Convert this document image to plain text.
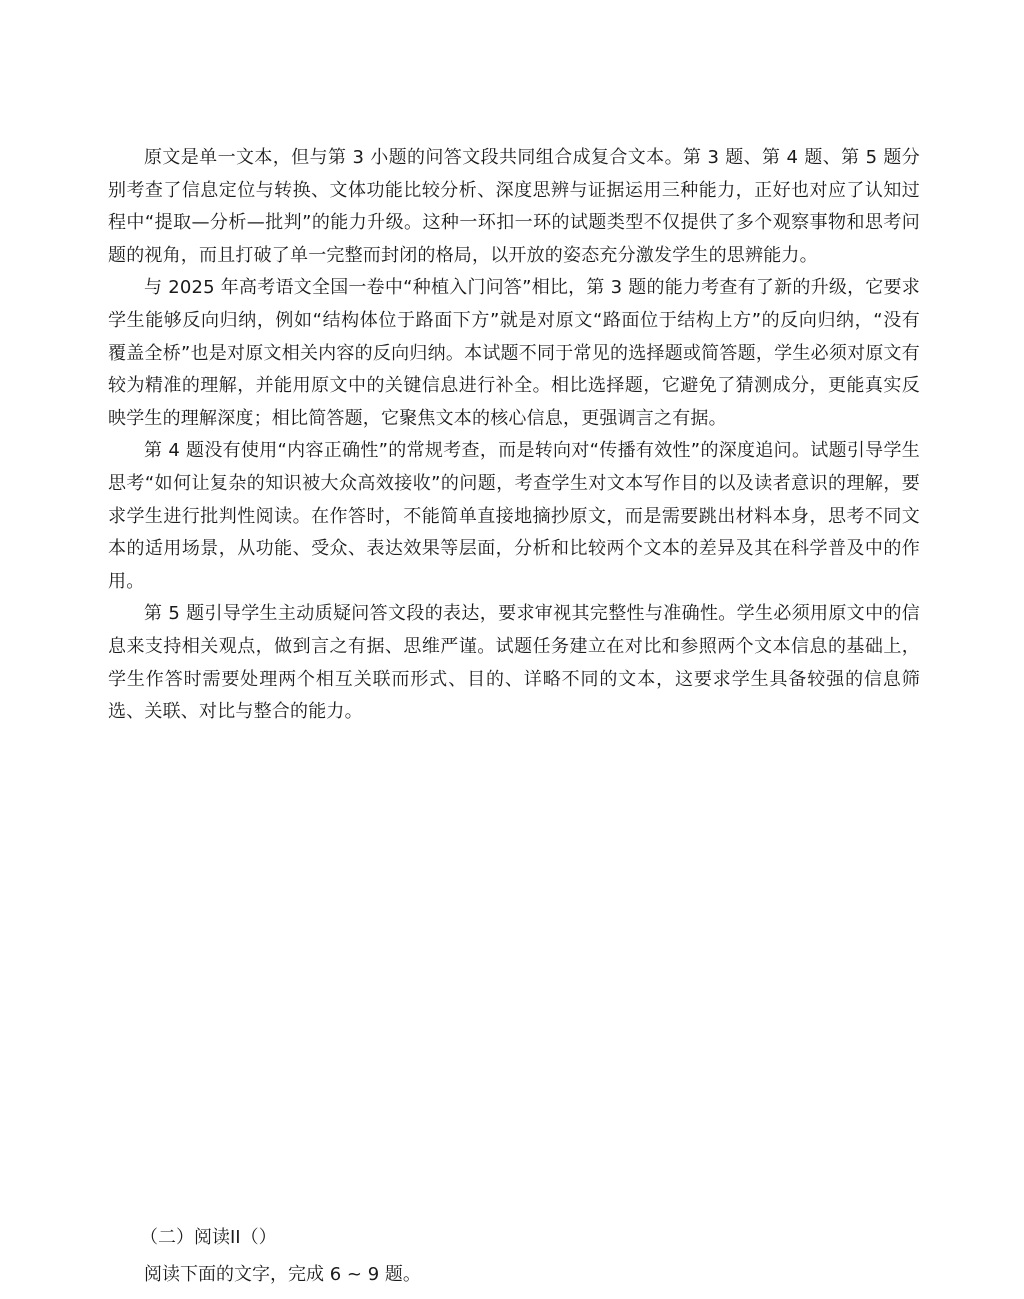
原文是单一文本，但与第 3 小题的问答文段共同组合成复合文本。第 3 题、第 4 题、第 5 题分别考查了信息定位与转换、文体功能比较分析、深度思辨与证据运用三种能力，正好也对应了认知过程中“提取—分析—批判”的能力升级。这种一环扣一环的试题类型不仅提供了多个观察事物和思考问题的视角，而且打破了单一完整而封闭的格局，以开放的姿态充分激发学生的思辨能力。

与 2025 年高考语文全国一卷中“种植入门问答”相比，第 3 题的能力考查有了新的升级，它要求学生能够反向归纳，例如“结构体位于路面下方”就是对原文“路面位于结构上方”的反向归纳，“没有覆盖全桥”也是对原文相关内容的反向归纳。本试题不同于常见的选择题或简答题，学生必须对原文有较为精准的理解，并能用原文中的关键信息进行补全。相比选择题，它避免了猜测成分，更能真实反映学生的理解深度；相比简答题，它聚焦文本的核心信息，更强调言之有据。

第 4 题没有使用“内容正确性”的常规考查，而是转向对“传播有效性”的深度追问。试题引导学生思考“如何让复杂的知识被大众高效接收”的问题，考查学生对文本写作目的以及读者意识的理解，要求学生进行批判性阅读。在作答时，不能简单直接地摘抄原文，而是需要跳出材料本身，思考不同文本的适用场景，从功能、受众、表达效果等层面，分析和比较两个文本的差异及其在科学普及中的作用。

第 5 题引导学生主动质疑问答文段的表达，要求审视其完整性与准确性。学生必须用原文中的信息来支持相关观点，做到言之有据、思维严谨。试题任务建立在对比和参照两个文本信息的基础上，学生作答时需要处理两个相互关联而形式、目的、详略不同的文本，这要求学生具备较强的信息筛选、关联、对比与整合的能力。

（二）阅读II（）

阅读下面的文字，完成 6 ~ 9 题。
